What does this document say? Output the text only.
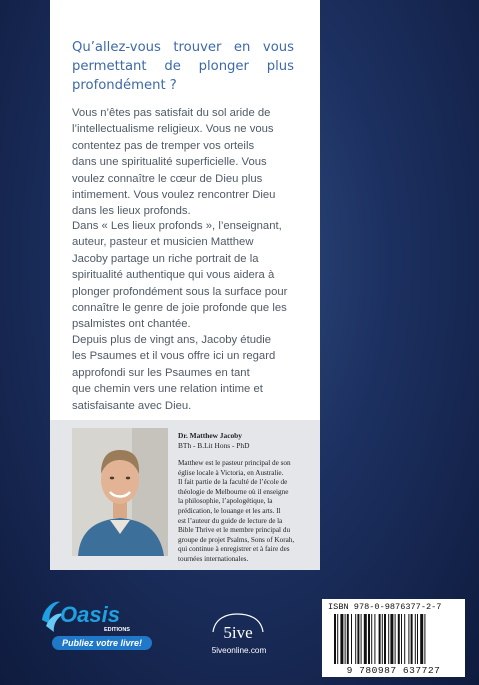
Qu’allez-vous trouver en vous
permettant de plonger plus
profondément ?

Vous n’êtes pas satisfait du sol aride de
l’intellectualisme religieux. Vous ne vous
contentez pas de tremper vos orteils
dans une spiritualité superficielle. Vous
voulez connaître le cœur de Dieu plus
intimement. Vous voulez rencontrer Dieu
dans les lieux profonds.

Dans « Les lieux profonds », l’enseignant,
auteur, pasteur et musicien Matthew
Jacoby partage un riche portrait de la
spiritualité authentique qui vous aidera à
plonger profondément sous la surface pour
connaître le genre de joie profonde que les
psalmistes ont chantée.

Depuis plus de vingt ans, Jacoby étudie
les Psaumes et il vous offre ici un regard
approfondi sur les Psaumes en tant
que chemin vers une relation intime et
satisfaisante avec Dieu.

Dr. Matthew Jacoby

BTh - B.Lit Hons - PhD

Matthew est le pasteur principal de son
église locale à Victoria, en Australie.
Il fait partie de la faculté de l’école de
théologie de Melbourne où il enseigne
la philosophie, l’apologétique, la
prédication, le louange et les arts. Il
est l’auteur du guide de lecture de la
Bible Thrive et le membre principal du
groupe de projet Psalms, Sons of Korah,
qui continue à enregistrer et à faire des
tournées internationales.

Oasis
EDITIONS
Publiez votre livre!
5ive

5iveonline.com

ISBN 978-0-9876377-2-7

9 780987 637727
